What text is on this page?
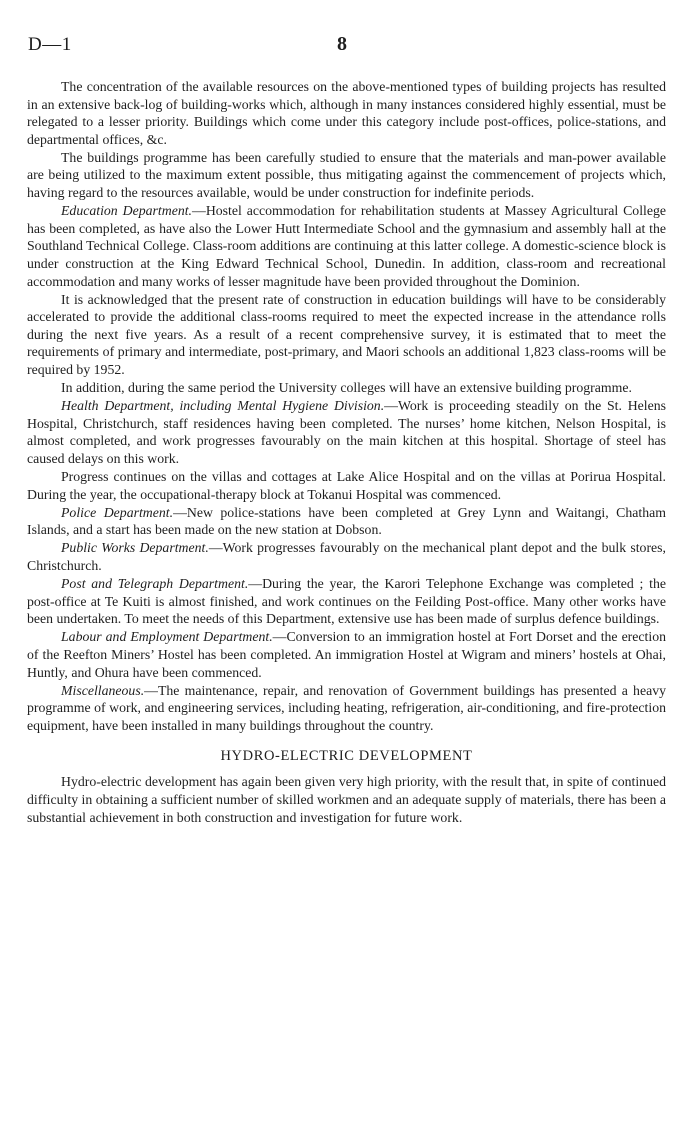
D—1	8

The concentration of the available resources on the above-mentioned types of building projects has resulted in an extensive back-log of building-works which, although in many instances considered highly essential, must be relegated to a lesser priority. Buildings which come under this category include post-offices, police-stations, and departmental offices, &c.

The buildings programme has been carefully studied to ensure that the materials and man-power available are being utilized to the maximum extent possible, thus mitigating against the commencement of projects which, having regard to the resources available, would be under construction for indefinite periods.

Education Department.—Hostel accommodation for rehabilitation students at Massey Agricultural College has been completed, as have also the Lower Hutt Intermediate School and the gymnasium and assembly hall at the Southland Technical College. Class-room additions are continuing at this latter college. A domestic-science block is under construction at the King Edward Technical School, Dunedin. In addition, class-room and recreational accommodation and many works of lesser magnitude have been provided throughout the Dominion.

It is acknowledged that the present rate of construction in education buildings will have to be considerably accelerated to provide the additional class-rooms required to meet the expected increase in the attendance rolls during the next five years. As a result of a recent comprehensive survey, it is estimated that to meet the requirements of primary and intermediate, post-primary, and Maori schools an additional 1,823 class-rooms will be required by 1952.

In addition, during the same period the University colleges will have an extensive building programme.

Health Department, including Mental Hygiene Division.—Work is proceeding steadily on the St. Helens Hospital, Christchurch, staff residences having been completed. The nurses’ home kitchen, Nelson Hospital, is almost completed, and work progresses favourably on the main kitchen at this hospital. Shortage of steel has caused delays on this work.

Progress continues on the villas and cottages at Lake Alice Hospital and on the villas at Porirua Hospital. During the year, the occupational-therapy block at Tokanui Hospital was commenced.

Police Department.—New police-stations have been completed at Grey Lynn and Waitangi, Chatham Islands, and a start has been made on the new station at Dobson.

Public Works Department.—Work progresses favourably on the mechanical plant depot and the bulk stores, Christchurch.

Post and Telegraph Department.—During the year, the Karori Telephone Exchange was completed ; the post-office at Te Kuiti is almost finished, and work continues on the Feilding Post-office. Many other works have been undertaken. To meet the needs of this Department, extensive use has been made of surplus defence buildings.

Labour and Employment Department.—Conversion to an immigration hostel at Fort Dorset and the erection of the Reefton Miners’ Hostel has been completed. An immigration Hostel at Wigram and miners’ hostels at Ohai, Huntly, and Ohura have been commenced.

Miscellaneous.—The maintenance, repair, and renovation of Government buildings has presented a heavy programme of work, and engineering services, including heating, refrigeration, air-conditioning, and fire-protection equipment, have been installed in many buildings throughout the country.

HYDRO-ELECTRIC DEVELOPMENT

Hydro-electric development has again been given very high priority, with the result that, in spite of continued difficulty in obtaining a sufficient number of skilled workmen and an adequate supply of materials, there has been a substantial achievement in both construction and investigation for future work.
